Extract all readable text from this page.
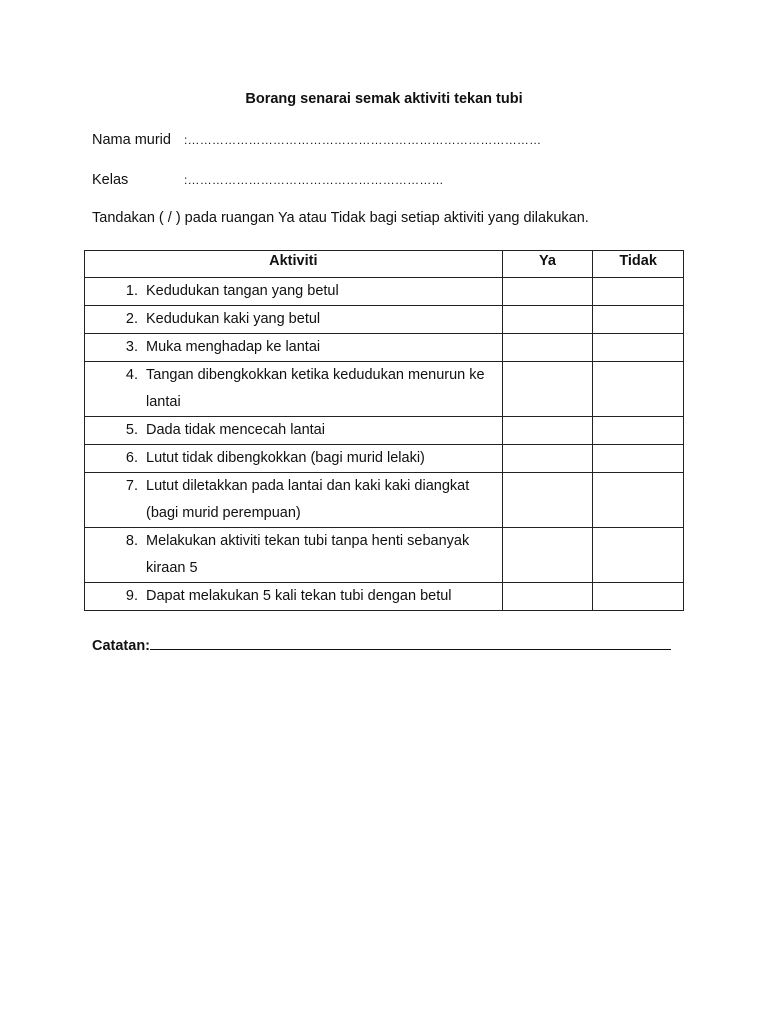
Borang senarai semak aktiviti tekan tubi
Nama murid :……………………………………………………………………………
Kelas	:………………………………………………………
Tandakan ( / ) pada ruangan Ya atau Tidak bagi setiap aktiviti yang dilakukan.
Aktiviti	Ya	Tidak

1. Kedudukan tangan yang betul		

2. Kedudukan kaki yang betul		

3. Muka menghadap ke lantai		

4. Tangan dibengkokkan ketika kedudukan menurun ke lantai		

5. Dada tidak mencecah lantai		

6. Lutut tidak dibengkokkan (bagi murid lelaki)		

7. Lutut diletakkan pada lantai dan kaki kaki diangkat (bagi murid perempuan)		

8. Melakukan aktiviti tekan tubi tanpa henti sebanyak kiraan 5		

9. Dapat melakukan 5 kali tekan tubi dengan betul		

Catatan:
